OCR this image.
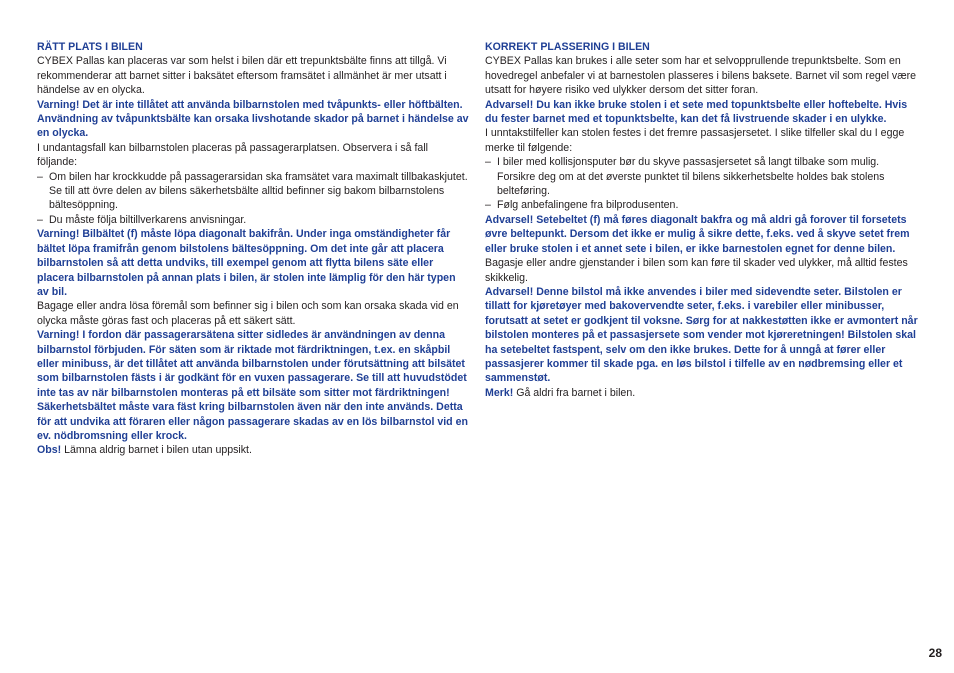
RÄTT PLATS I BILEN

CYBEX Pallas kan placeras var som helst i bilen där ett trepunktsbälte finns att tillgå. Vi rekommenderar att barnet sitter i baksätet eftersom framsätet i allmänhet är mer utsatt i händelse av en olycka.

Varning! Det är inte tillåtet att använda bilbarnstolen med tvåpunkts- eller höftbälten. Användning av tvåpunktsbälte kan orsaka livshotande skador på barnet i händelse av en olycka.

I undantagsfall kan bilbarnstolen placeras på passagerarplatsen. Observera i så fall följande:

– Om bilen har krockkudde på passagerarsidan ska framsätet vara maximalt tillbakaskjutet. Se till att övre delen av bilens säkerhetsbälte alltid befinner sig bakom bilbarnstolens bältesöppning.
– Du måste följa biltillverkarens anvisningar.

Varning! Bilbältet (f) måste löpa diagonalt bakifrån. Under inga omständigheter får bältet löpa framifrån genom bilstolens bältesöppning. Om det inte går att placera bilbarnstolen så att detta undviks, till exempel genom att flytta bilens säte eller placera bilbarnstolen på annan plats i bilen, är stolen inte lämplig för den här typen av bil.

Bagage eller andra lösa föremål som befinner sig i bilen och som kan orsaka skada vid en olycka måste göras fast och placeras på ett säkert sätt.

Varning! I fordon där passagerarsätena sitter sidledes är användningen av denna bilbarnstol förbjuden. För säten som är riktade mot färdriktningen, t.ex. en skåpbil eller minibuss, är det tillåtet att använda bilbarnstolen under förutsättning att bilsätet som bilbarnstolen fästs i är godkänt för en vuxen passagerare. Se till att huvudstödet inte tas av när bilbarnstolen monteras på ett bilsäte som sitter mot färdriktningen! Säkerhetsbältet måste vara fäst kring bilbarnstolen även när den inte används. Detta för att undvika att föraren eller någon passagerare skadas av en lös bilbarnstol vid en ev. nödbromsning eller krock.

Obs! Lämna aldrig barnet i bilen utan uppsikt.

KORREKT PLASSERING I BILEN

CYBEX Pallas kan brukes i alle seter som har et selvopprullende trepunktsbelte. Som en hovedregel anbefaler vi at barnestolen plasseres i bilens baksete. Barnet vil som regel være utsatt for høyere risiko ved ulykker dersom det sitter foran.

Advarsel! Du kan ikke bruke stolen i et sete med topunktsbelte eller hoftebelte. Hvis du fester barnet med et topunktsbelte, kan det få livstruende skader i en ulykke.

I unntakstilfeller kan stolen festes i det fremre passasjersetet. I slike tilfeller skal du I egge merke til følgende:

– I biler med kollisjonsputer bør du skyve passasjersetet så langt tilbake som mulig. Forsikre deg om at det øverste punktet til bilens sikkerhetsbelte holdes bak stolens belteføring.
– Følg anbefalingene fra bilprodusenten.

Advarsel! Setebeltet (f) må føres diagonalt bakfra og må aldri gå forover til forsetets øvre beltepunkt. Dersom det ikke er mulig å sikre dette, f.eks. ved å skyve setet frem eller bruke stolen i et annet sete i bilen, er ikke barnestolen egnet for denne bilen.

Bagasje eller andre gjenstander i bilen som kan føre til skader ved ulykker, må alltid festes skikkelig.

Advarsel! Denne bilstol må ikke anvendes i biler med sidevendte seter. Bilstolen er tillatt for kjøretøyer med bakovervendte seter, f.eks. i varebiler eller minibusser, forutsatt at setet er godkjent til voksne. Sørg for at nakkestøtten ikke er avmontert når bilstolen monteres på et passasjersete som vender mot kjøreretningen! Bilstolen skal ha setebeltet fastspent, selv om den ikke brukes. Dette for å unngå at fører eller passasjerer kommer til skade pga. en løs bilstol i tilfelle av en nødbremsing eller et sammenstøt.

Merk! Gå aldri fra barnet i bilen.

28
